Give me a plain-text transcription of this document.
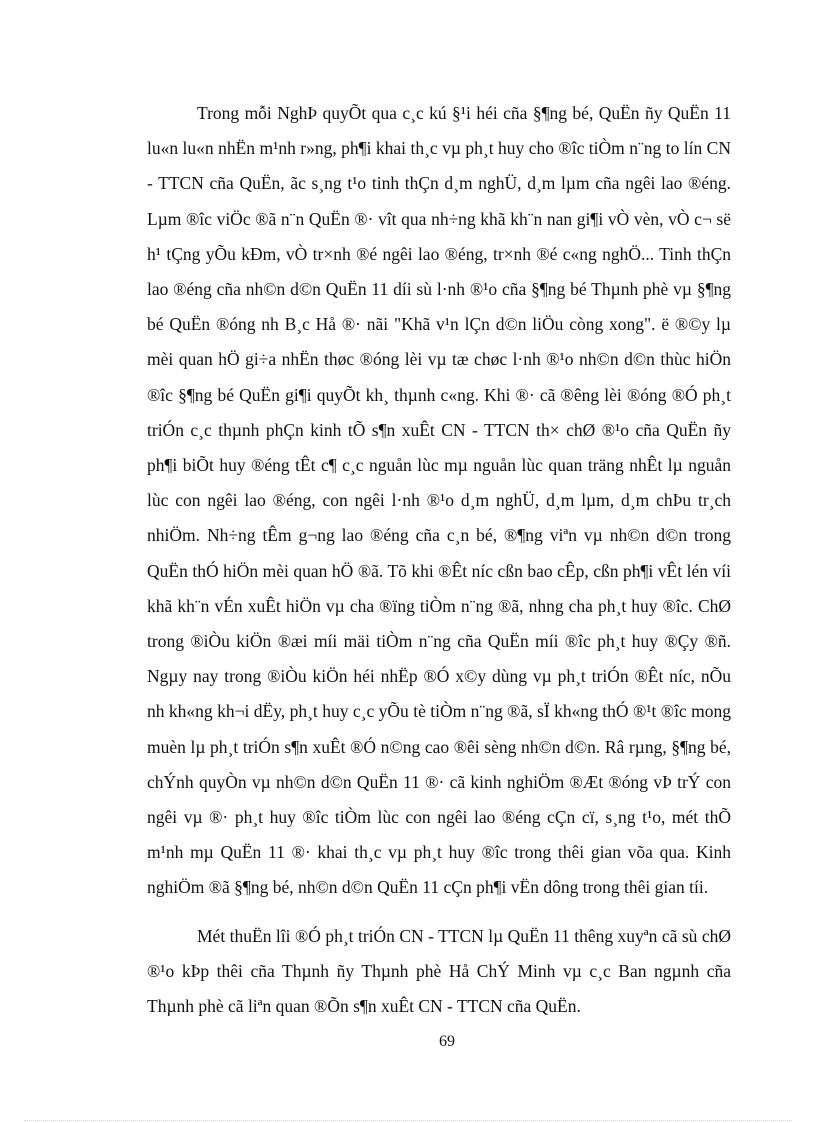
Trong mỗi NghÞ quyÕt qua c¸c kú §¹i héi cña §¶ng bé, QuËn ñy QuËn 11 lu«n lu«n nhËn m¹nh r»ng, ph¶i khai th¸c vµ ph¸t huy cho ®îc tiÒm n¨ng to lín CN - TTCN cña QuËn, ãc s¸ng t¹o tinh thÇn d¸m nghÜ, d¸m lµm cña ngêi lao ®éng. Lµm ®îc viÖc ®ã n¨n QuËn ®· vît qua nh÷ng khã kh¨n nan gi¶i vÒ vèn, vÒ c¬ së h¹ tÇng yÕu kÐm, vÒ tr×nh ®é ngêi lao ®éng, tr×nh ®é c«ng nghÖ... Tinh thÇn lao ®éng cña nh©n d©n QuËn 11 díi sù l·nh ®¹o cña §¶ng bé Thµnh phè vµ §¶ng bé QuËn ®óng nh B¸c Hå ®· nãi "Khã v¹n lÇn d©n liÖu còng xong". ë ®©y lµ mèi quan hÖ gi÷a nhËn thøc ®óng lèi vµ tæ chøc l·nh ®¹o nh©n d©n thùc hiÖn ®îc §¶ng bé QuËn gi¶i quyÕt kh¸ thµnh c«ng. Khi ®· cã ®êng lèi ®óng ®Ó ph¸t triÓn c¸c thµnh phÇn kinh tÕ s¶n xuÊt CN - TTCN th× chØ ®¹o cña QuËn ñy ph¶i biÕt huy ®éng tÊt c¶ c¸c nguån lùc mµ nguån lùc quan träng nhÊt lµ nguån lùc con ngêi lao ®éng, con ngêi l·nh ®¹o d¸m nghÜ, d¸m lµm, d¸m chÞu tr¸ch nhiÖm. Nh÷ng tÊm g¬ng lao ®éng cña c¸n bé, ®¶ng viªn vµ nh©n d©n trong QuËn thÓ hiÖn mèi quan hÖ ®ã. Tõ khi ®Êt níc cßn bao cÊp, cßn ph¶i vÊt lén víi khã kh¨n vÉn xuÊt hiÖn vµ cha ®ïng tiÒm n¨ng ®ã, nhng cha ph¸t huy ®îc. ChØ trong ®iÒu kiÖn ®æi míi mäi tiÒm n¨ng cña QuËn míi ®îc ph¸t huy ®Çy ®ñ. Ngµy nay trong ®iÒu kiÖn héi nhËp ®Ó x©y dùng vµ ph¸t triÓn ®Êt níc, nÕu nh kh«ng kh¬i dËy, ph¸t huy c¸c yÕu tè tiÒm n¨ng ®ã, sÏ kh«ng thÓ ®¹t ®îc mong muèn lµ ph¸t triÓn s¶n xuÊt ®Ó n©ng cao ®êi sèng nh©n d©n. Râ rµng, §¶ng bé, chÝnh quyÒn vµ nh©n d©n QuËn 11 ®· cã kinh nghiÖm ®Æt ®óng vÞ trÝ con ngêi vµ ®· ph¸t huy ®îc tiÒm lùc con ngêi lao ®éng cÇn cï, s¸ng t¹o, mét thÕ m¹nh mµ QuËn 11 ®· khai th¸c vµ ph¸t huy ®îc trong thêi gian võa qua. Kinh nghiÖm ®ã §¶ng bé, nh©n d©n QuËn 11 cÇn ph¶i vËn dông trong thêi gian tíi.

Mét thuËn lîi ®Ó ph¸t triÓn CN - TTCN lµ QuËn 11 thêng xuyªn cã sù chØ ®¹o kÞp thêi cña Thµnh ñy Thµnh phè Hå ChÝ Minh vµ c¸c Ban ngµnh cña Thµnh phè cã liªn quan ®Õn s¶n xuÊt CN - TTCN cña QuËn.

69
